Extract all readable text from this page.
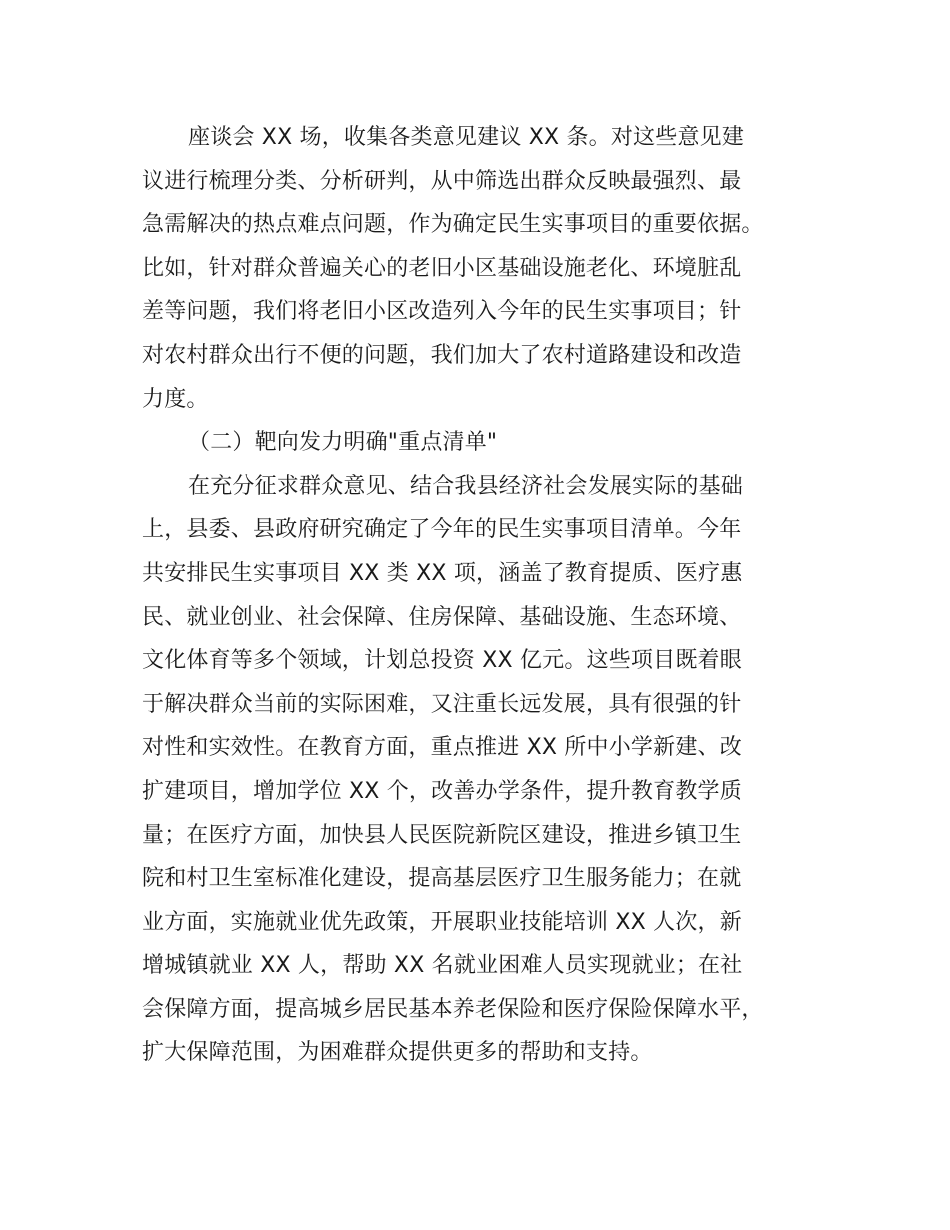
座谈会 XX 场，收集各类意见建议 XX 条。对这些意见建
议进行梳理分类、分析研判，从中筛选出群众反映最强烈、最
急需解决的热点难点问题，作为确定民生实事项目的重要依据。
比如，针对群众普遍关心的老旧小区基础设施老化、环境脏乱
差等问题，我们将老旧小区改造列入今年的民生实事项目；针
对农村群众出行不便的问题，我们加大了农村道路建设和改造
力度。
（二）靶向发力明确"重点清单"
在充分征求群众意见、结合我县经济社会发展实际的基础
上，县委、县政府研究确定了今年的民生实事项目清单。今年
共安排民生实事项目 XX 类 XX 项，涵盖了教育提质、医疗惠
民、就业创业、社会保障、住房保障、基础设施、生态环境、
文化体育等多个领域，计划总投资 XX 亿元。这些项目既着眼
于解决群众当前的实际困难，又注重长远发展，具有很强的针
对性和实效性。在教育方面，重点推进 XX 所中小学新建、改
扩建项目，增加学位 XX 个，改善办学条件，提升教育教学质
量；在医疗方面，加快县人民医院新院区建设，推进乡镇卫生
院和村卫生室标准化建设，提高基层医疗卫生服务能力；在就
业方面，实施就业优先政策，开展职业技能培训 XX 人次，新
增城镇就业 XX 人，帮助 XX 名就业困难人员实现就业；在社
会保障方面，提高城乡居民基本养老保险和医疗保险保障水平，
扩大保障范围，为困难群众提供更多的帮助和支持。
